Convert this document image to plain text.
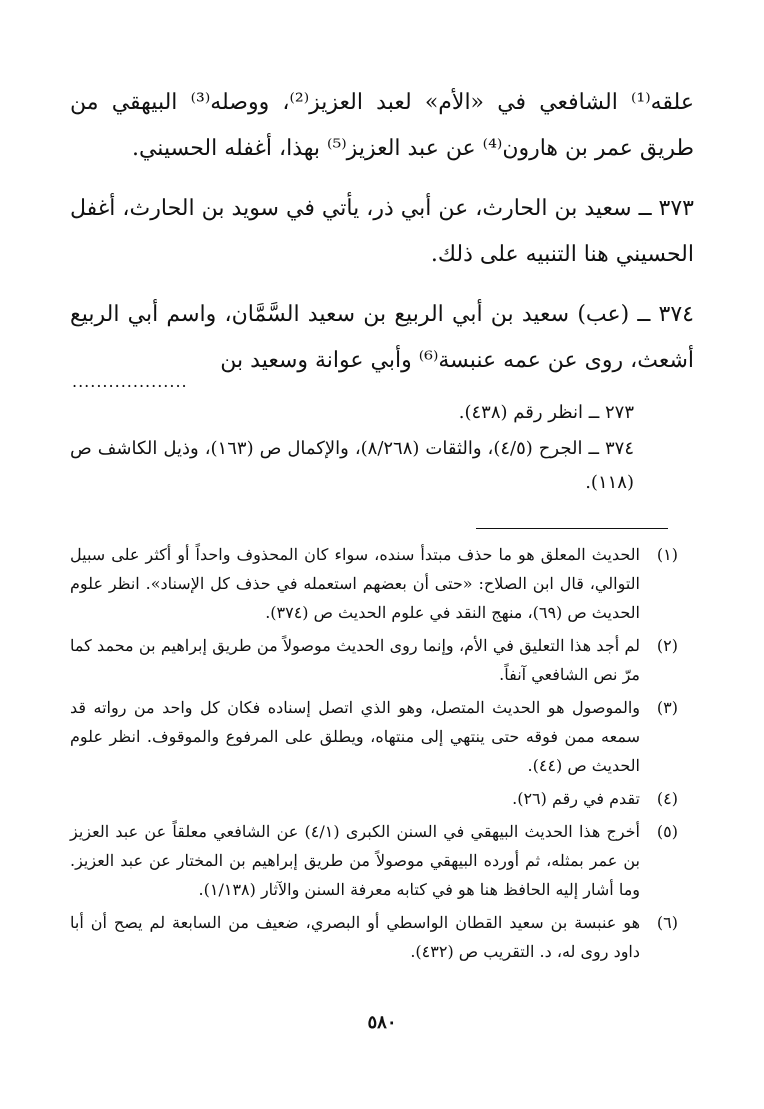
علقه⁽¹⁾ الشافعي في «الأم» لعبد العزيز⁽²⁾، ووصله⁽³⁾ البيهقي من طريق عمر بن هارون⁽⁴⁾ عن عبد العزيز⁽⁵⁾ بهذا، أغفله الحسيني.

٣٧٣ ــ سعيد بن الحارث، عن أبي ذر، يأتي في سويد بن الحارث، أغفل الحسيني هنا التنبيه على ذلك.

٣٧٤ ــ (عب) سعيد بن أبي الربيع بن سعيد السَّمَّان، واسم أبي الربيع أشعث، روى عن عمه عنبسة⁽⁶⁾ وأبي عوانة وسعيد بن

...................

٢٧٣ ــ انظر رقم (٤٣٨).

٣٧٤ ــ الجرح (٤/٥)، والثقات (٨/٢٦٨)، والإكمال ص (١٦٣)، وذيل الكاشف ص (١١٨).

(١)
الحديث المعلق هو ما حذف مبتدأ سنده، سواء كان المحذوف واحداً أو أكثر على سبيل التوالي، قال ابن الصلاح: «حتى أن بعضهم استعمله في حذف كل الإسناد». انظر علوم الحديث ص (٦٩)، منهج النقد في علوم الحديث ص (٣٧٤).
(٢)
لم أجد هذا التعليق في الأم، وإنما روى الحديث موصولاً من طريق إبراهيم بن محمد كما مرّ نص الشافعي آنفاً.
(٣)
والموصول هو الحديث المتصل، وهو الذي اتصل إسناده فكان كل واحد من رواته قد سمعه ممن فوقه حتى ينتهي إلى منتهاه، ويطلق على المرفوع والموقوف. انظر علوم الحديث ص (٤٤).
(٤)
تقدم في رقم (٢٦).
(٥)
أخرج هذا الحديث البيهقي في السنن الكبرى (٤/١) عن الشافعي معلقاً عن عبد العزيز بن عمر بمثله، ثم أورده البيهقي موصولاً من طريق إبراهيم بن المختار عن عبد العزيز. وما أشار إليه الحافظ هنا هو في كتابه معرفة السنن والآثار (١/١٣٨).
(٦)
هو عنبسة بن سعيد القطان الواسطي أو البصري، ضعيف من السابعة لم يصح أن أبا داود روى له، د. التقريب ص (٤٣٢).
٥٨٠
